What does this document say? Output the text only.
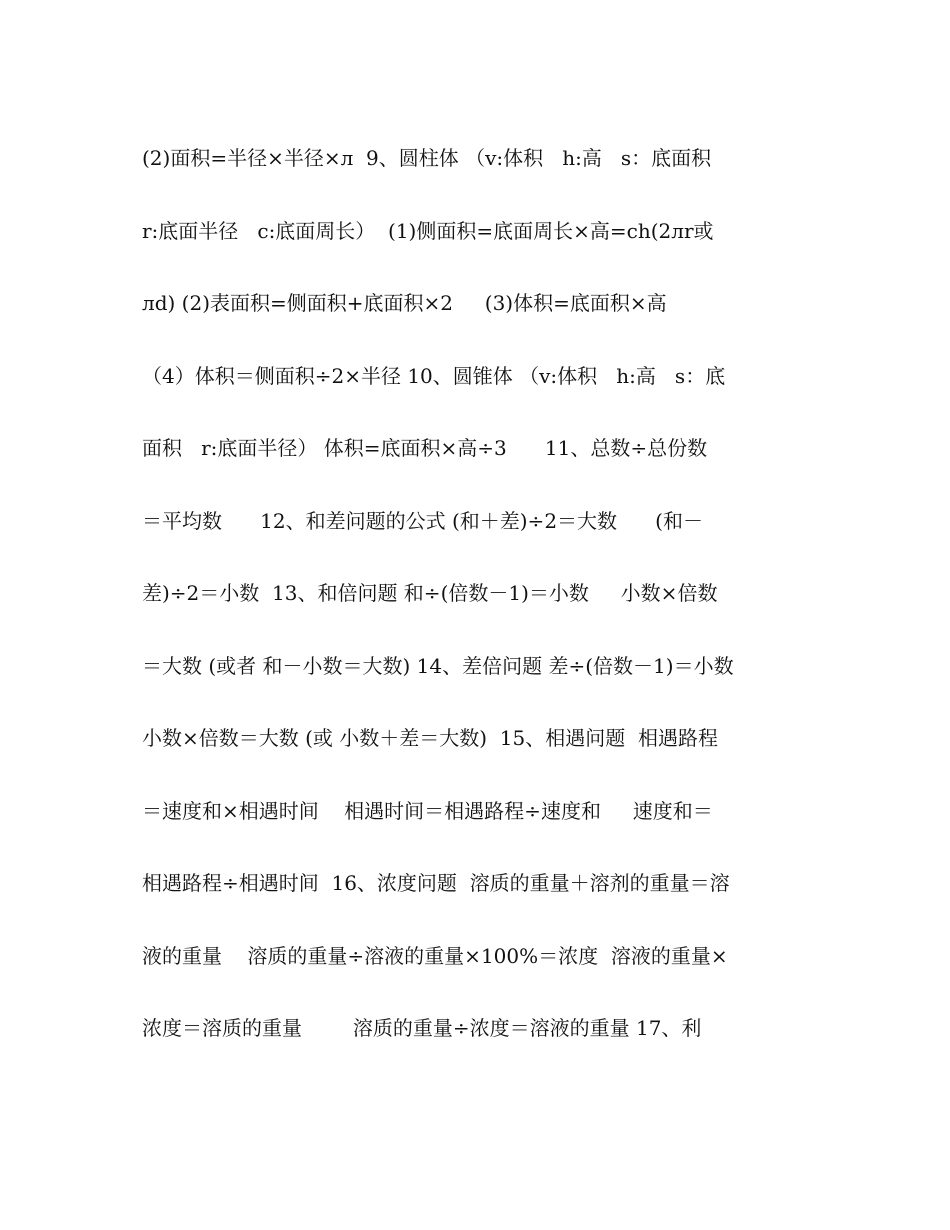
(2)面积=半径×半径×л  9、圆柱体 （v:体积   h:高   s：底面积
r:底面半径   c:底面周长）  (1)侧面积=底面周长×高=ch(2лr或
лd) (2)表面积=侧面积+底面积×2     (3)体积=底面积×高
（4）体积＝侧面积÷2×半径 10、圆锥体 （v:体积   h:高   s：底
面积   r:底面半径） 体积=底面积×高÷3      11、总数÷总份数
＝平均数      12、和差问题的公式 (和＋差)÷2＝大数      (和－
差)÷2＝小数  13、和倍问题 和÷(倍数－1)＝小数     小数×倍数
＝大数 (或者 和－小数＝大数) 14、差倍问题 差÷(倍数－1)＝小数
小数×倍数＝大数 (或 小数＋差＝大数)  15、相遇问题  相遇路程
＝速度和×相遇时间    相遇时间＝相遇路程÷速度和     速度和＝
相遇路程÷相遇时间  16、浓度问题  溶质的重量＋溶剂的重量＝溶
液的重量    溶质的重量÷溶液的重量×100%＝浓度  溶液的重量×
浓度＝溶质的重量        溶质的重量÷浓度＝溶液的重量 17、利
